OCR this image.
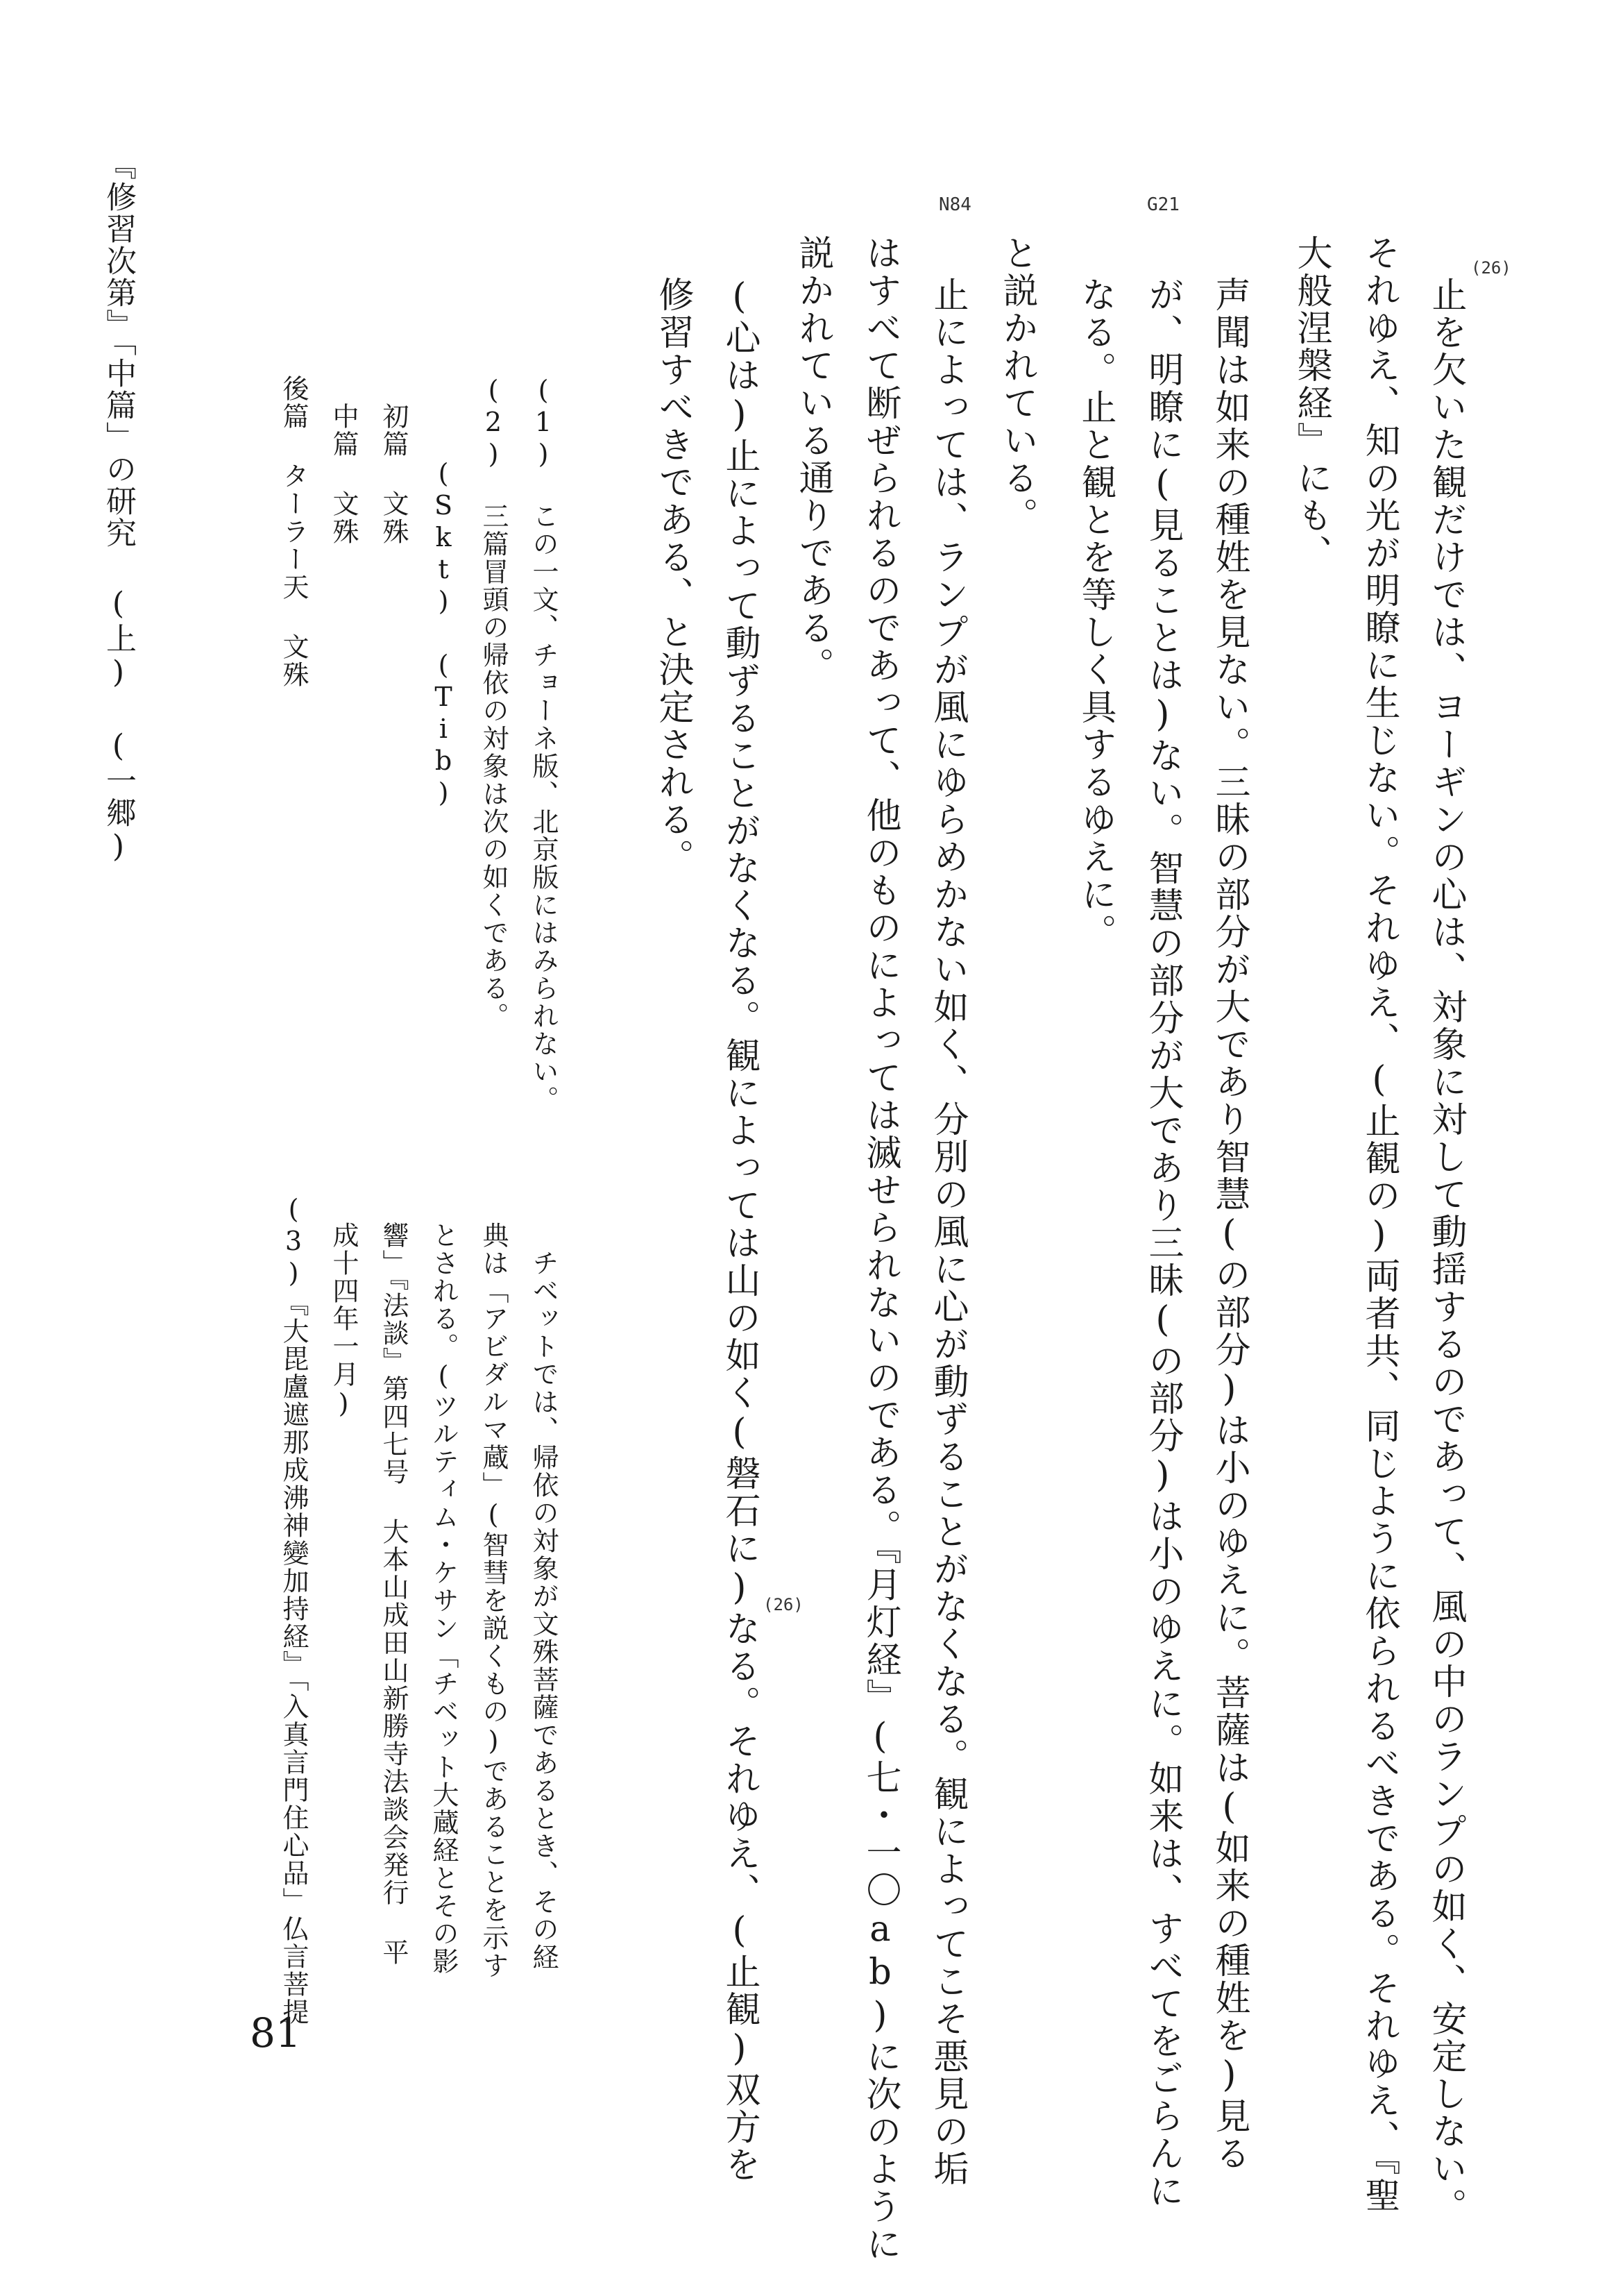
『修習次第』「中篇」の研究 (上) (一郷)	G21
N84
止を欠いた観だけでは、ヨーギンの心は、対象に対して動揺するのであって、風の中のランプの如く、安定しない。
それゆえ、知の光が明瞭に生じない。それゆえ、(止観の)両者共、同じように依られるべきである。それゆえ、『聖
大般涅槃経』にも、
声聞は如来の種姓を見ない。三昧の部分が大であり智慧(の部分)は小のゆえに。菩薩は(如来の種姓を)見る
が、明瞭に(見ることは)ない。智慧の部分が大であり三昧(の部分)は小のゆえに。如来は、すべてをごらんに
なる。止と観とを等しく具するゆえに。
と説かれている。
止によっては、ランプが風にゆらめかない如く、分別の風に心が動ずることがなくなる。観によってこそ悪見の垢
はすべて断ぜられるのであって、他のものによっては滅せられないのである。『月灯経』(七・一〇ab)に次のように
説かれている通りである。
(心は)止によって動ずることがなくなる。観によっては山の如く(磐石に)なる。それゆえ、(止観)双方を
修習すべきである、と決定される。
(26)
(26)
(1) この一文、チョーネ版、北京版にはみられない。
(2) 三篇冒頭の帰依の対象は次の如くである。
(Skt) (Tib)
初篇 文殊
中篇 文殊
後篇 ターラー天 文殊
チベットでは、帰依の対象が文殊菩薩であるとき、その経
典は「アビダルマ蔵」(智彗を説くもの)であることを示す
とされる。(ツルティム・ケサン「チベット大蔵経とその影
響」『法談』第四七号 大本山成田山新勝寺法談会発行 平
成十四年一月)
(3)『大毘盧遮那成沸神變加持経』「入真言門住心品」仏言菩提
81
